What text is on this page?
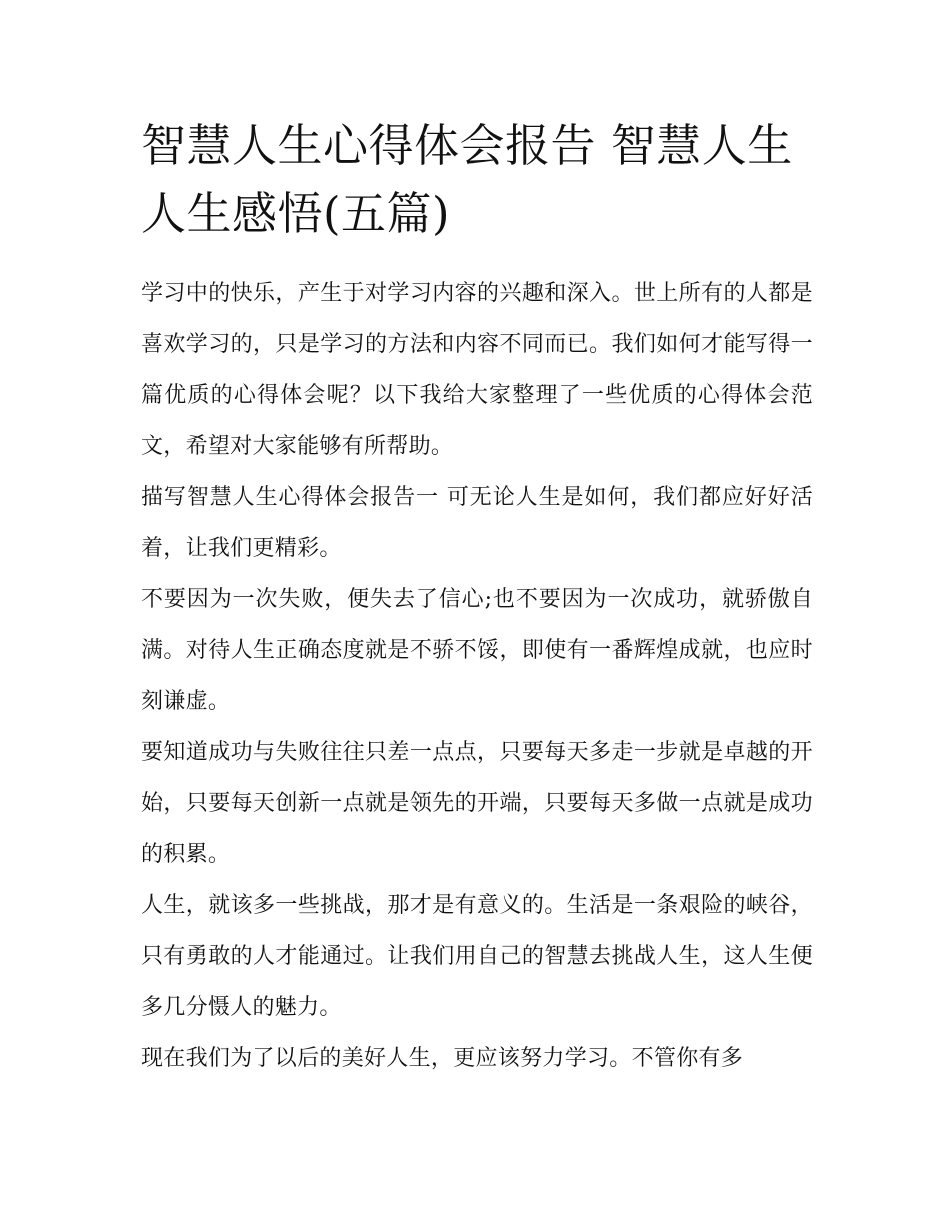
智慧人生心得体会报告 智慧人生 人生感悟(五篇)

学习中的快乐，产生于对学习内容的兴趣和深入。世上所有的人都是喜欢学习的，只是学习的方法和内容不同而已。我们如何才能写得一篇优质的心得体会呢？以下我给大家整理了一些优质的心得体会范文，希望对大家能够有所帮助。

描写智慧人生心得体会报告一 可无论人生是如何，我们都应好好活着，让我们更精彩。

不要因为一次失败，便失去了信心;也不要因为一次成功，就骄傲自满。对待人生正确态度就是不骄不馁，即使有一番辉煌成就，也应时刻谦虚。

要知道成功与失败往往只差一点点，只要每天多走一步就是卓越的开始，只要每天创新一点就是领先的开端，只要每天多做一点就是成功的积累。

人生，就该多一些挑战，那才是有意义的。生活是一条艰险的峡谷，只有勇敢的人才能通过。让我们用自己的智慧去挑战人生，这人生便多几分慑人的魅力。

现在我们为了以后的美好人生，更应该努力学习。不管你有多
